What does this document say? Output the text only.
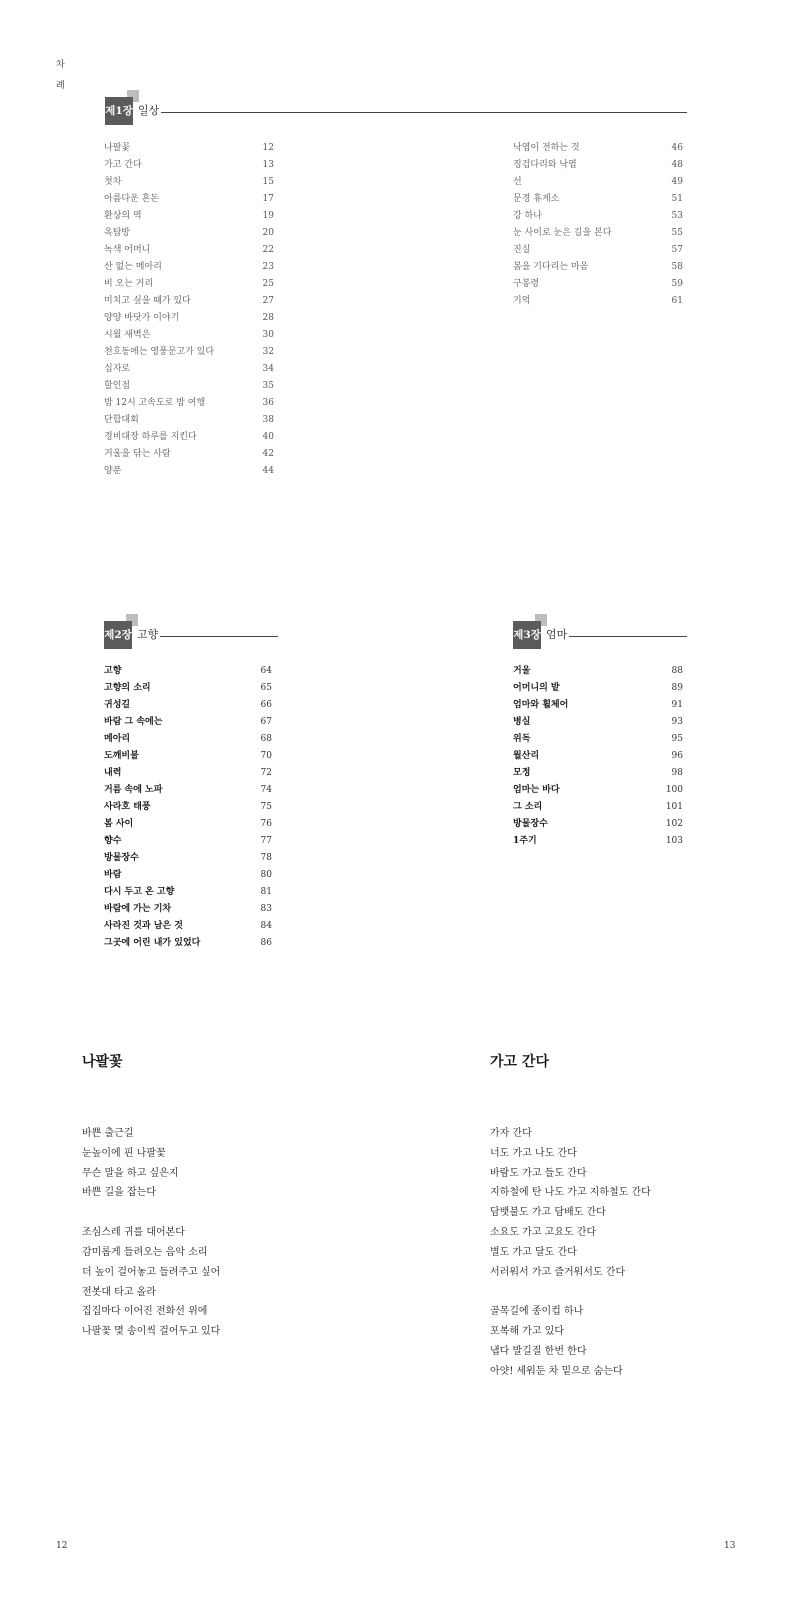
차
례
제1장 일상
나팔꽃	12
가고 간다	13
첫차	15
아름다운 혼돈	17
환상의 역	19
옥탑방	20
녹색 어머니	22
산 없는 메아리	23
비 오는 거리	25
미치고 싶을 때가 있다	27
양양 바닷가 이야기	28
시월 새벽은	30
천호동에는 영풍문고가 있다	32
십자로	34
할인점	35
밤 12시 고속도로 밤 여행	36
단합대회	38
경비대장 하루를 지킨다	40
거울을 닦는 사람	42
양푼	44
낙엽이 전하는 것	46
징검다리와 낙엽	48
선	49
문경 휴게소	51
강 하나	53
눈 사이로 눈은 길을 본다	55
진실	57
봄을 기다리는 마음	58
구봉령	59
기억	61
제2장 고향
고향	64
고향의 소리	65
귀성길	66
바람 그 속에는	67
메아리	68
도깨비불	70
내력	72
거름 속에 노파	74
사라호 태풍	75
봄 사이	76
향수	77
방물장수	78
바람	80
다시 두고 온 고향	81
바람에 가는 기차	83
사라진 것과 남은 것	84
그곳에 어린 내가 있었다	86
제3장 엄마
거울	88
어머니의 밭	89
엄마와 휠체어	91
병실	93
위독	95
월산리	96
모정	98
엄마는 바다	100
그 소리	101
방물장수	102
1주기	103
나팔꽃
바쁜 출근길
눈높이에 핀 나팔꽃
무슨 말을 하고 싶은지
바쁜 길을 잡는다
조심스레 귀를 대어본다
감미롭게 들려오는 음악 소리
더 높이 걸어놓고 들려주고 싶어
전봇대 타고 올라
집집마다 이어진 전화선 위에
나팔꽃 몇 송이씩 걸어두고 있다
가고 간다
가자 간다
너도 가고 나도 간다
바람도 가고 들도 간다
지하철에 탄 나도 가고 지하철도 간다
담뱃불도 가고 담배도 간다
소요도 가고 고요도 간다
별도 가고 달도 간다
서러워서 가고 즐거워서도 간다
골목길에 종이컵 하나
포복해 가고 있다
냅다 발길질 한번 한다
아얏! 세워둔 차 밑으로 숨는다
12	13
